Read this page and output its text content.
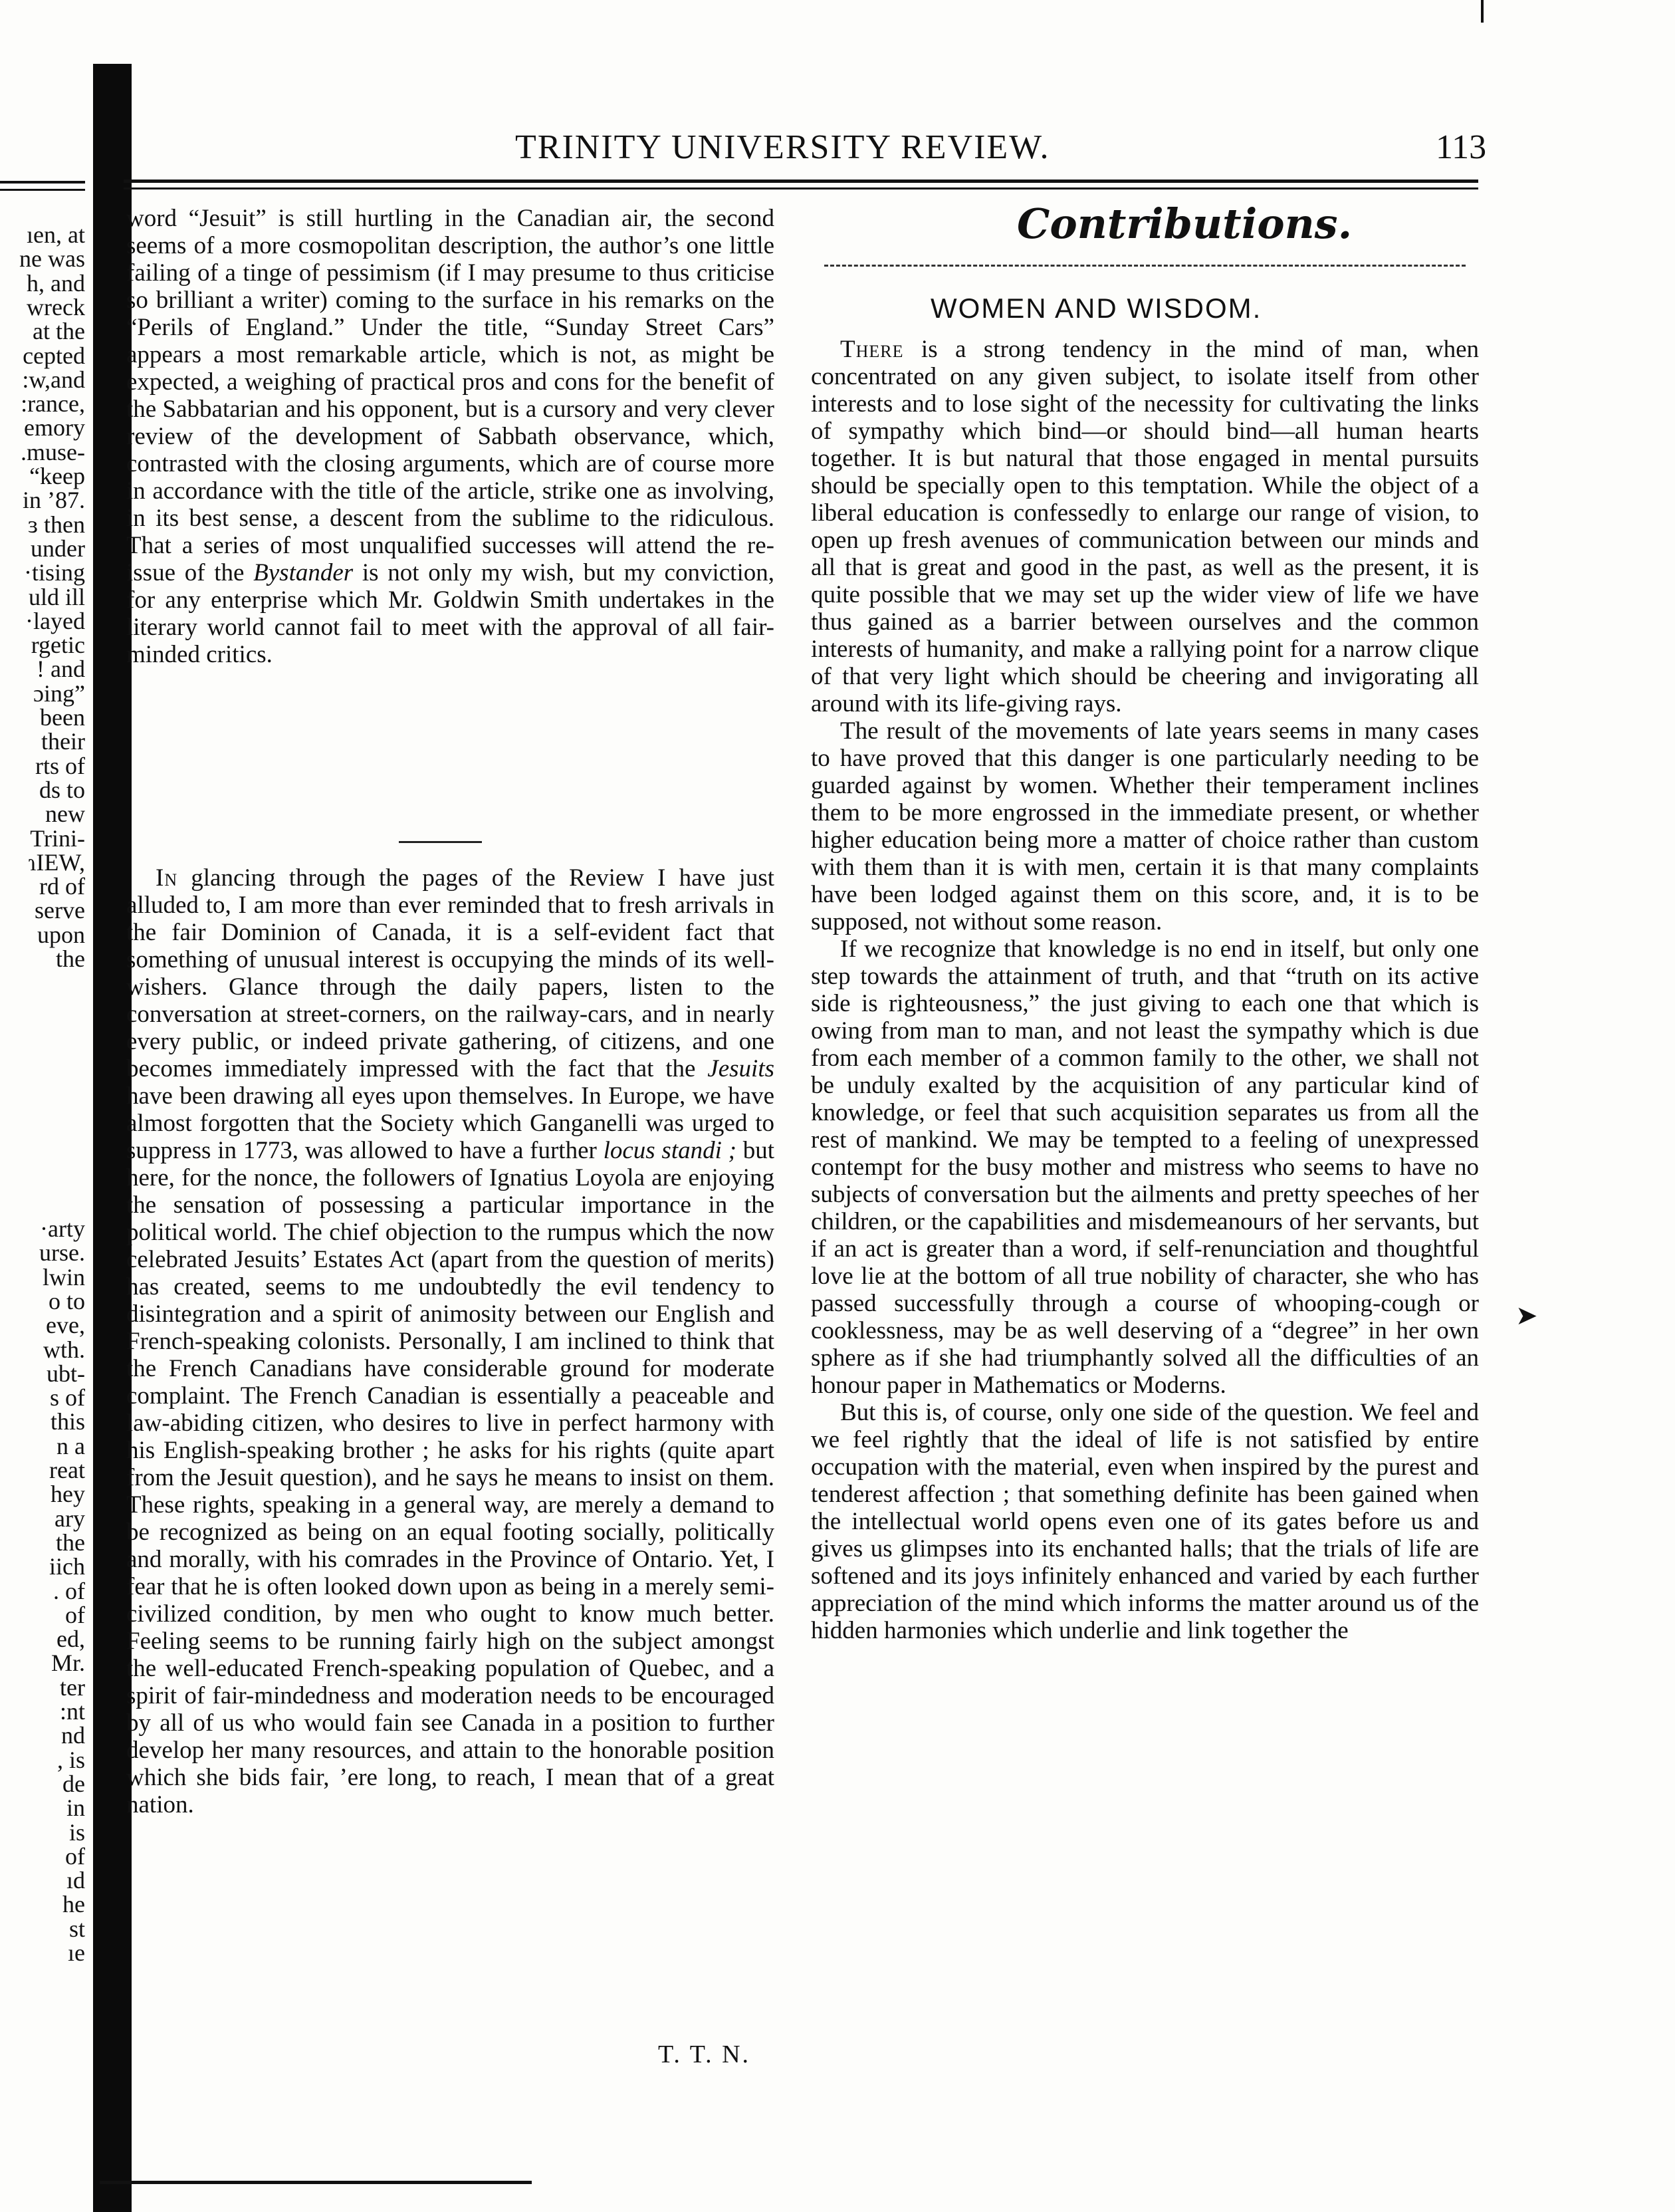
TRINITY UNIVERSITY REVIEW.	113
ıen, at
ne was
h, and
wreck
at the
cepted
:w,and
:rance,
emory
.muse-
“keep
in ’87.
ɜ then
under
·tising
uld ill
·layed
rgetic
! and
ɔing”
been
their
rts of
ds to
new
Trini-
ɿIEW,
rd of
serve
upon
the
·arty
urse.
lwin
o to
eve,
wth.
ubt-
s of
this
n a
reat
hey
ary
the
iich
. of
of
ed,
Mr.
ter
:nt
nd
, is
de
in
is
of
ıd
he
st
ıe

word “Jesuit” is still hurtling in the Canadian air, the second seems of a more cosmopolitan description, the author’s one little failing of a tinge of pessimism (if I may presume to thus criticise so brilliant a writer) coming to the surface in his remarks on the “Perils of England.” Under the title, “Sunday Street Cars” appears a most remarkable article, which is not, as might be expected, a weighing of practical pros and cons for the benefit of the Sabbatarian and his opponent, but is a cursory and very clever review of the development of Sabbath observance, which, contrasted with the closing arguments, which are of course more in accordance with the title of the article, strike one as involving, in its best sense, a descent from the sublime to the ridiculous. That a series of most unqualified successes will attend the re-issue of the Bystander is not only my wish, but my conviction, for any enterprise which Mr. Goldwin Smith undertakes in the literary world cannot fail to meet with the approval of all fair-minded critics.

In glancing through the pages of the Review I have just alluded to, I am more than ever reminded that to fresh arrivals in the fair Dominion of Canada, it is a self-evident fact that something of unusual interest is occupying the minds of its well-wishers. Glance through the daily papers, listen to the conversation at street-corners, on the railway-cars, and in nearly every public, or indeed private gathering, of citizens, and one becomes immediately impressed with the fact that the Jesuits have been drawing all eyes upon themselves. In Europe, we have almost forgotten that the Society which Ganganelli was urged to suppress in 1773, was allowed to have a further locus standi ; but here, for the nonce, the followers of Ignatius Loyola are enjoying the sensation of possessing a particular importance in the political world. The chief objection to the rumpus which the now celebrated Jesuits’ Estates Act (apart from the question of merits) has created, seems to me undoubtedly the evil tendency to disintegration and a spirit of animosity between our English and French-speaking colonists. Personally, I am inclined to think that the French Canadians have considerable ground for moderate complaint. The French Canadian is essentially a peaceable and law-abiding citizen, who desires to live in perfect harmony with his English-speaking brother ; he asks for his rights (quite apart from the Jesuit question), and he says he means to insist on them. These rights, speaking in a general way, are merely a demand to be recognized as being on an equal footing socially, politically and morally, with his comrades in the Province of Ontario. Yet, I fear that he is often looked down upon as being in a merely semi-civilized condition, by men who ought to know much better. Feeling seems to be running fairly high on the subject amongst the well-educated French-speaking population of Quebec, and a spirit of fair-mindedness and moderation needs to be encouraged by all of us who would fain see Canada in a position to further develop her many resources, and attain to the honorable position which she bids fair, ’ere long, to reach, I mean that of a great nation.

T. T. N.
Contributions.
WOMEN AND WISDOM.

There is a strong tendency in the mind of man, when concentrated on any given subject, to isolate itself from other interests and to lose sight of the necessity for cultivating the links of sympathy which bind—or should bind—all human hearts together. It is but natural that those engaged in mental pursuits should be specially open to this temptation. While the object of a liberal education is confessedly to enlarge our range of vision, to open up fresh avenues of communication between our minds and all that is great and good in the past, as well as the present, it is quite possible that we may set up the wider view of life we have thus gained as a barrier between ourselves and the common interests of humanity, and make a rallying point for a narrow clique of that very light which should be cheering and invigorating all around with its life-giving rays.

The result of the movements of late years seems in many cases to have proved that this danger is one particularly needing to be guarded against by women. Whether their temperament inclines them to be more engrossed in the immediate present, or whether higher education being more a matter of choice rather than custom with them than it is with men, certain it is that many complaints have been lodged against them on this score, and, it is to be supposed, not without some reason.

If we recognize that knowledge is no end in itself, but only one step towards the attainment of truth, and that “truth on its active side is righteousness,” the just giving to each one that which is owing from man to man, and not least the sympathy which is due from each member of a common family to the other, we shall not be unduly exalted by the acquisition of any particular kind of knowledge, or feel that such acquisition separates us from all the rest of mankind. We may be tempted to a feeling of unexpressed contempt for the busy mother and mistress who seems to have no subjects of conversation but the ailments and pretty speeches of her children, or the capabilities and misdemeanours of her servants, but if an act is greater than a word, if self-renunciation and thoughtful love lie at the bottom of all true nobility of character, she who has passed successfully through a course of whooping-cough or cooklessness, may be as well deserving of a “degree” in her own sphere as if she had triumphantly solved all the difficulties of an honour paper in Mathematics or Moderns.

But this is, of course, only one side of the question. We feel and we feel rightly that the ideal of life is not satisfied by entire occupation with the material, even when inspired by the purest and tenderest affection ; that something definite has been gained when the intellectual world opens even one of its gates before us and gives us glimpses into its enchanted halls; that the trials of life are softened and its joys infinitely enhanced and varied by each further appreciation of the mind which informs the matter around us of the hidden harmonies which underlie and link together the

➤
